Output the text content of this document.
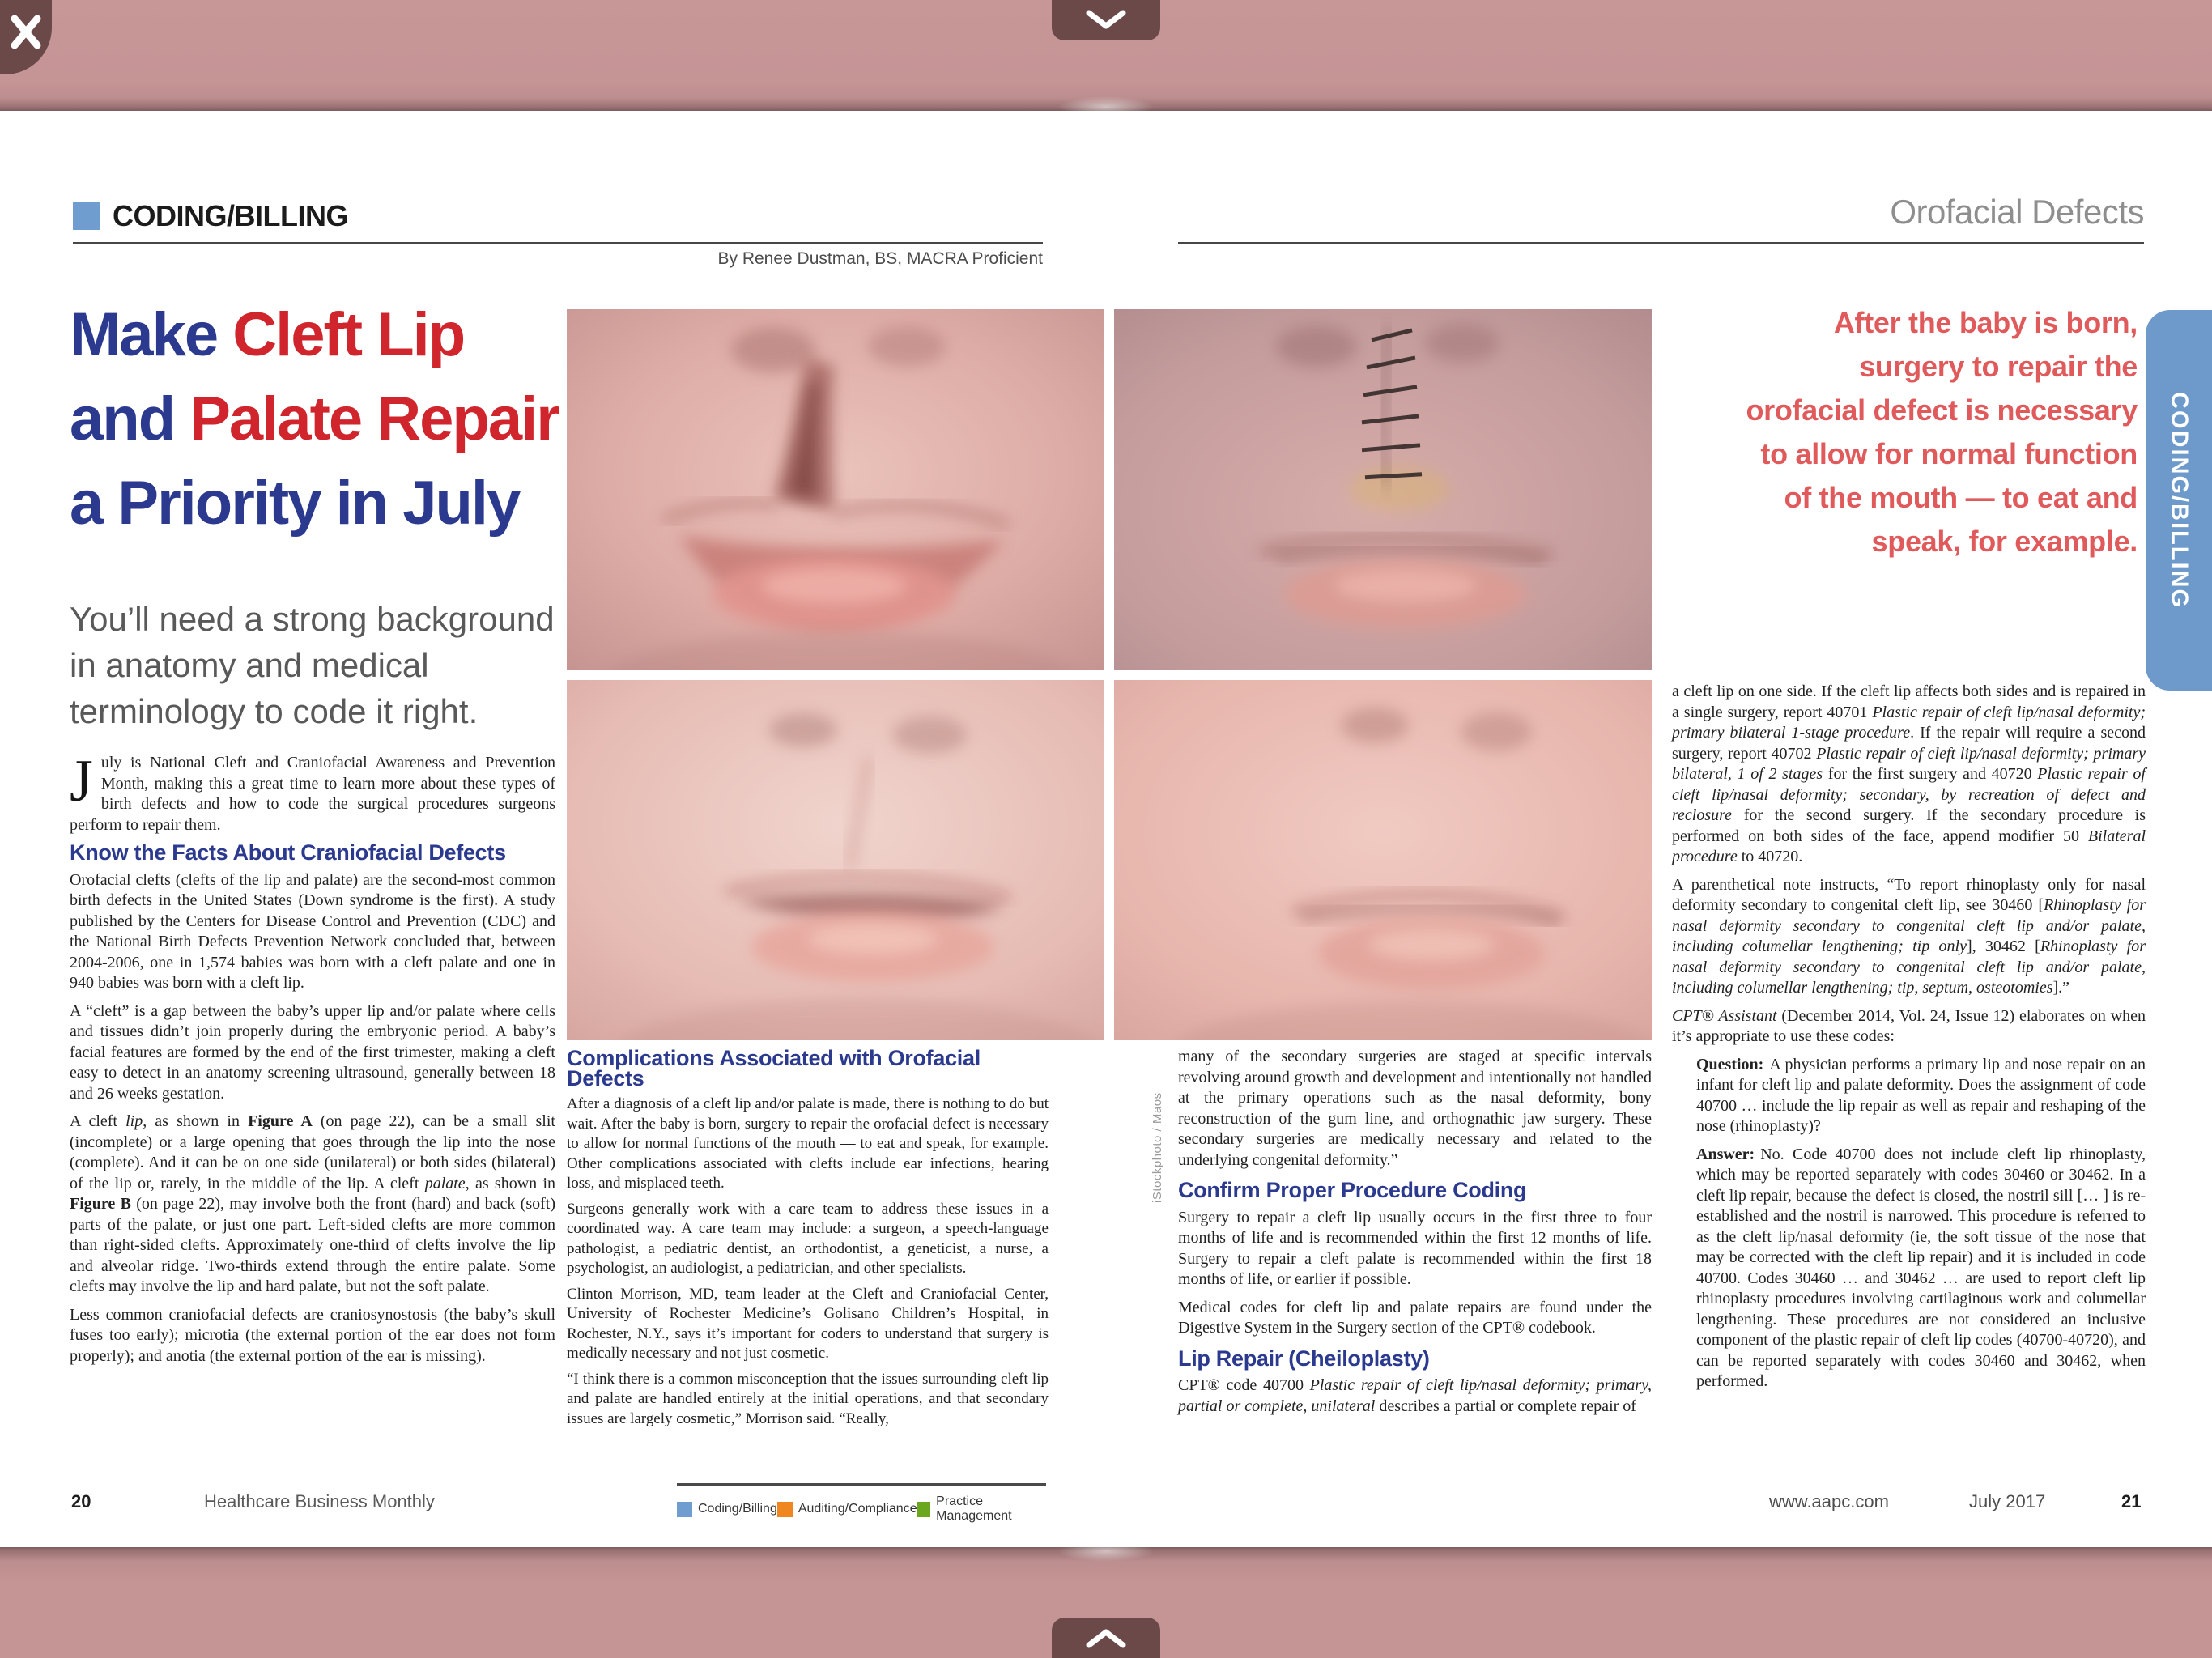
CODING/BILLING
By Renee Dustman, BS, MACRA Proficient
Make Cleft Lip
and Palate Repair
a Priority in July
You’ll need a strong background
in anatomy and medical
terminology to code it right.

July is National Cleft and Craniofacial Awareness and Prevention Month, making this a great time to learn more about these types of birth defects and how to code the surgical procedures surgeons perform to repair them.

Know the Facts About Craniofacial Defects

Orofacial clefts (clefts of the lip and palate) are the second-most common birth defects in the United States (Down syndrome is the first). A study published by the Centers for Disease Control and Prevention (CDC) and the National Birth Defects Prevention Network concluded that, between 2004-2006, one in 1,574 babies was born with a cleft palate and one in 940 babies was born with a cleft lip.

A “cleft” is a gap between the baby’s upper lip and/or palate where cells and tissues didn’t join properly during the embryonic period. A baby’s facial features are formed by the end of the first trimester, making a cleft easy to detect in an anatomy screening ultrasound, generally between 18 and 26 weeks gestation.

A cleft lip, as shown in Figure A (on page 22), can be a small slit (incomplete) or a large opening that goes through the lip into the nose (complete). And it can be on one side (unilateral) or both sides (bilateral) of the lip or, rarely, in the middle of the lip. A cleft palate, as shown in Figure B (on page 22), may involve both the front (hard) and back (soft) parts of the palate, or just one part. Left-sided clefts are more common than right-sided clefts. Approximately one-third of clefts involve the lip and alveolar ridge. Two-thirds extend through the entire palate. Some clefts may involve the lip and hard palate, but not the soft palate.

Less common craniofacial defects are craniosynostosis (the baby’s skull fuses too early); microtia (the external portion of the ear does not form properly); and anotia (the external portion of the ear is missing).

iStockphoto / Maos
Complications Associated with Orofacial Defects

After a diagnosis of a cleft lip and/or palate is made, there is nothing to do but wait. After the baby is born, surgery to repair the orofacial defect is necessary to allow for normal functions of the mouth — to eat and speak, for example. Other complications associated with clefts include ear infections, hearing loss, and misplaced teeth.

Surgeons generally work with a care team to address these issues in a coordinated way. A care team may include: a surgeon, a speech-language pathologist, a pediatric dentist, an orthodontist, a geneticist, a nurse, a psychologist, an audiologist, a pediatrician, and other specialists.

Clinton Morrison, MD, team leader at the Cleft and Craniofacial Center, University of Rochester Medicine’s Golisano Children’s Hospital, in Rochester, N.Y., says it’s important for coders to understand that surgery is medically necessary and not just cosmetic.

“I think there is a common misconception that the issues surrounding cleft lip and palate are handled entirely at the initial operations, and that secondary issues are largely cosmetic,” Morrison said. “Really,

Orofacial Defects
After the baby is born,
surgery to repair the
orofacial defect is necessary
to allow for normal function
of the mouth — to eat and
speak, for example. CODING/BILLING

many of the secondary surgeries are staged at specific intervals revolving around growth and development and intentionally not handled at the primary operations such as the nasal deformity, bony reconstruction of the gum line, and orthognathic jaw surgery. These secondary surgeries are medically necessary and related to the underlying congenital deformity.”

Confirm Proper Procedure Coding

Surgery to repair a cleft lip usually occurs in the first three to four months of life and is recommended within the first 12 months of life. Surgery to repair a cleft palate is recommended within the first 18 months of life, or earlier if possible.

Medical codes for cleft lip and palate repairs are found under the Digestive System in the Surgery section of the CPT® codebook.

Lip Repair (Cheiloplasty)

CPT® code 40700 Plastic repair of cleft lip/nasal deformity; primary, partial or complete, unilateral describes a partial or complete repair of

a cleft lip on one side. If the cleft lip affects both sides and is repaired in a single surgery, report 40701 Plastic repair of cleft lip/nasal deformity; primary bilateral 1-stage procedure. If the repair will require a second surgery, report 40702 Plastic repair of cleft lip/nasal deformity; primary bilateral, 1 of 2 stages for the first surgery and 40720 Plastic repair of cleft lip/nasal deformity; secondary, by recreation of defect and reclosure for the second surgery. If the secondary procedure is performed on both sides of the face, append modifier 50 Bilateral procedure to 40720.

A parenthetical note instructs, “To report rhinoplasty only for nasal deformity secondary to congenital cleft lip, see 30460 [Rhinoplasty for nasal deformity secondary to congenital cleft lip and/or palate, including columellar lengthening; tip only], 30462 [Rhinoplasty for nasal deformity secondary to congenital cleft lip and/or palate, including columellar lengthening; tip, septum, osteotomies].”

CPT® Assistant (December 2014, Vol. 24, Issue 12) elaborates on when it’s appropriate to use these codes:

Question: A physician performs a primary lip and nose repair on an infant for cleft lip and palate deformity. Does the assignment of code 40700 … include the lip repair as well as repair and reshaping of the nose (rhinoplasty)?

Answer: No. Code 40700 does not include cleft lip rhinoplasty, which may be reported separately with codes 30460 or 30462. In a cleft lip repair, because the defect is closed, the nostril sill [… ] is re-established and the nostril is narrowed. This procedure is referred to as the cleft lip/nasal deformity (ie, the soft tissue of the nose that may be corrected with the cleft lip repair) and it is included in code 40700. Codes 30460 … and 30462 … are used to report cleft lip rhinoplasty procedures involving cartilaginous work and columellar lengthening. These procedures are not considered an inclusive component of the plastic repair of cleft lip codes (40700-40720), and can be reported separately with codes 30460 and 30462, when performed.

Coding/Billing Auditing/Compliance
Practice Management
20	Healthcare Business Monthly	www.aapc.com	July 2017	21
